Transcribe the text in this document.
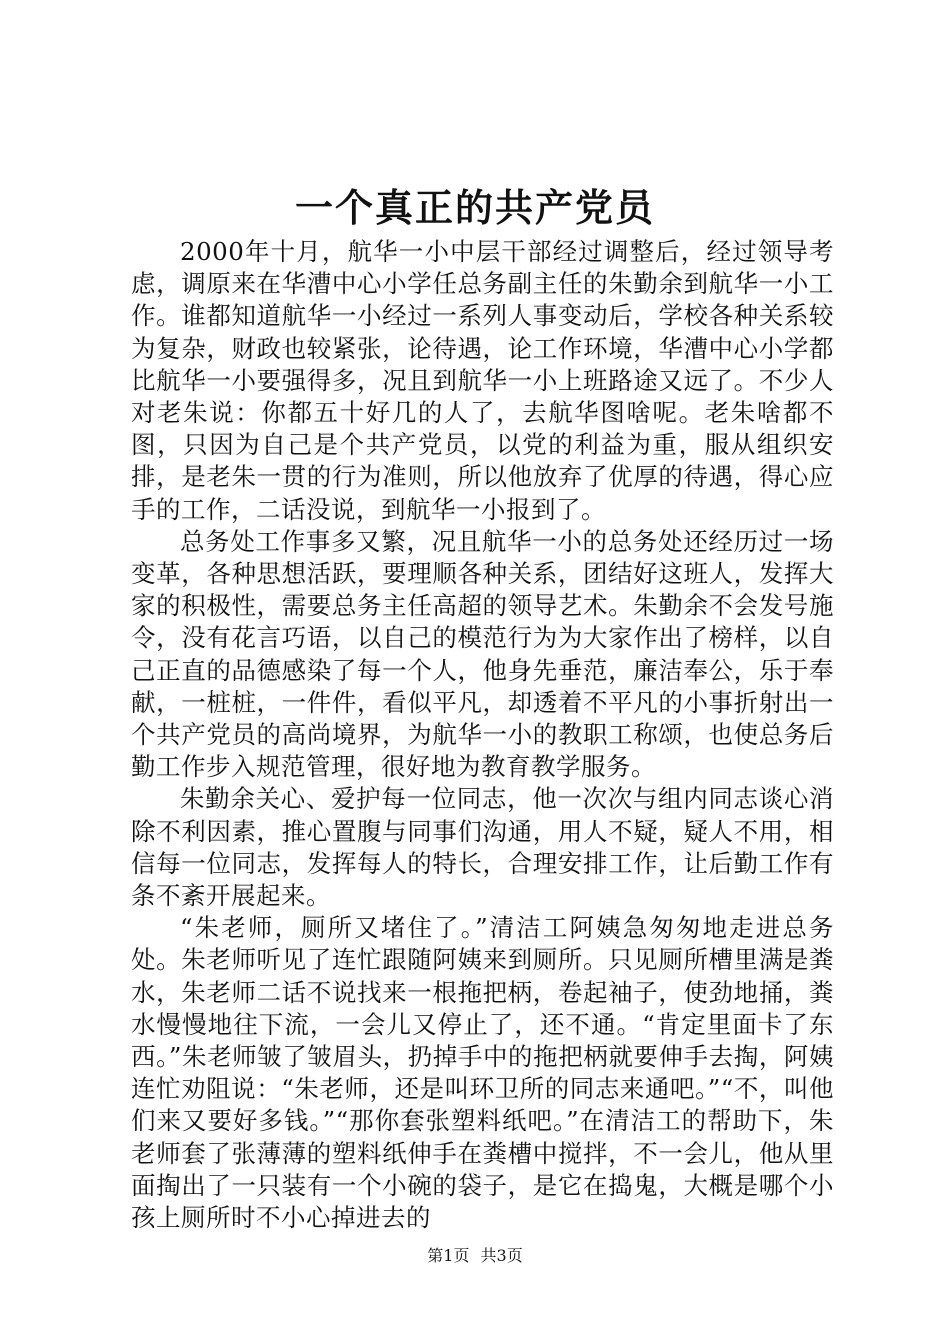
一个真正的共产党员

2000年十月，航华一小中层干部经过调整后，经过领导考虑，调原来在华漕中心小学任总务副主任的朱勤余到航华一小工作。谁都知道航华一小经过一系列人事变动后，学校各种关系较为复杂，财政也较紧张，论待遇，论工作环境，华漕中心小学都比航华一小要强得多，况且到航华一小上班路途又远了。不少人对老朱说：你都五十好几的人了，去航华图啥呢。老朱啥都不图，只因为自己是个共产党员，以党的利益为重，服从组织安排，是老朱一贯的行为准则，所以他放弃了优厚的待遇，得心应手的工作，二话没说，到航华一小报到了。

总务处工作事多又繁，况且航华一小的总务处还经历过一场变革，各种思想活跃，要理顺各种关系，团结好这班人，发挥大家的积极性，需要总务主任高超的领导艺术。朱勤余不会发号施令，没有花言巧语，以自己的模范行为为大家作出了榜样，以自己正直的品德感染了每一个人，他身先垂范，廉洁奉公，乐于奉献，一桩桩，一件件，看似平凡，却透着不平凡的小事折射出一个共产党员的高尚境界，为航华一小的教职工称颂，也使总务后勤工作步入规范管理，很好地为教育教学服务。

朱勤余关心、爱护每一位同志，他一次次与组内同志谈心消除不利因素，推心置腹与同事们沟通，用人不疑，疑人不用，相信每一位同志，发挥每人的特长，合理安排工作，让后勤工作有条不紊开展起来。

“朱老师，厕所又堵住了。”清洁工阿姨急匆匆地走进总务处。朱老师听见了连忙跟随阿姨来到厕所。只见厕所槽里满是粪水，朱老师二话不说找来一根拖把柄，卷起袖子，使劲地捅，粪水慢慢地往下流，一会儿又停止了，还不通。“肯定里面卡了东西。”朱老师皱了皱眉头，扔掉手中的拖把柄就要伸手去掏，阿姨连忙劝阻说：“朱老师，还是叫环卫所的同志来通吧。”“不，叫他们来又要好多钱。”“那你套张塑料纸吧。”在清洁工的帮助下，朱老师套了张薄薄的塑料纸伸手在粪槽中搅拌，不一会儿，他从里面掏出了一只装有一个小碗的袋子，是它在捣鬼，大概是哪个小孩上厕所时不小心掉进去的

第1页 共3页
